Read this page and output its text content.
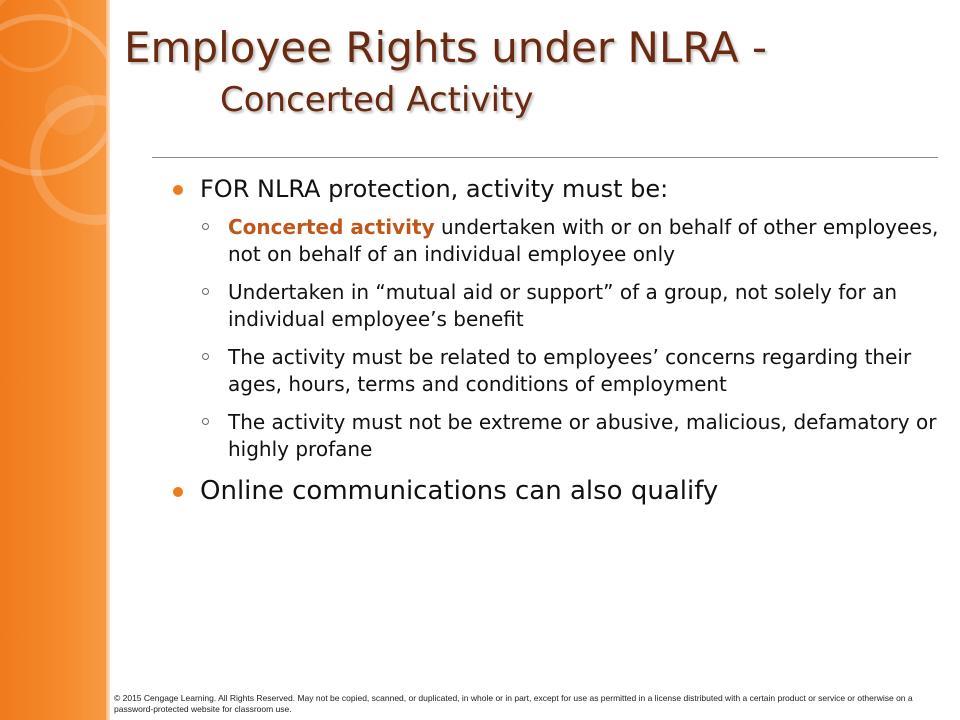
Employee Rights under NLRA -
Concerted Activity

FOR NLRA protection, activity must be:

Concerted activity undertaken with or on behalf of other employees, not on behalf of an individual employee only

Undertaken in “mutual aid or support” of a group, not solely for an individual employee’s benefit

The activity must be related to employees’ concerns regarding their ages, hours, terms and conditions of employment

The activity must not be extreme or abusive, malicious, defamatory or highly profane

Online communications can also qualify

© 2015 Cengage Learning. All Rights Reserved. May not be copied, scanned, or duplicated, in whole or in part, except for use as permitted in a license distributed with a certain product or service or otherwise on a password-protected website for classroom use.
